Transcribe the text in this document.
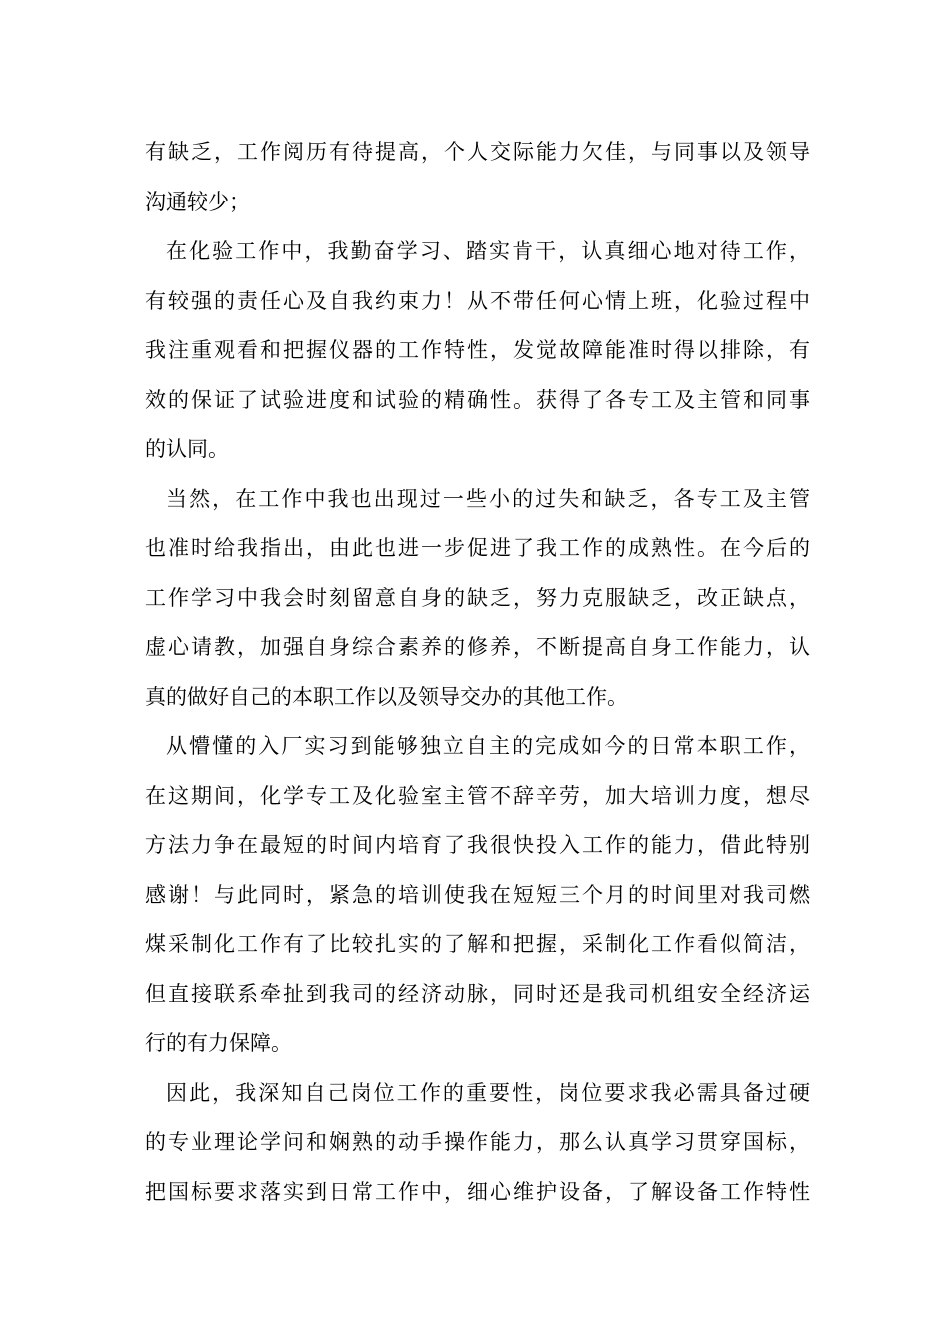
有缺乏，工作阅历有待提高，个人交际能力欠佳，与同事以及领导
沟通较少；
在化验工作中，我勤奋学习、踏实肯干，认真细心地对待工作，
有较强的责任心及自我约束力！从不带任何心情上班，化验过程中
我注重观看和把握仪器的工作特性，发觉故障能准时得以排除，有
效的保证了试验进度和试验的精确性。获得了各专工及主管和同事
的认同。
当然，在工作中我也出现过一些小的过失和缺乏，各专工及主管
也准时给我指出，由此也进一步促进了我工作的成熟性。在今后的
工作学习中我会时刻留意自身的缺乏，努力克服缺乏，改正缺点，
虚心请教，加强自身综合素养的修养，不断提高自身工作能力，认
真的做好自己的本职工作以及领导交办的其他工作。
从懵懂的入厂实习到能够独立自主的完成如今的日常本职工作，
在这期间，化学专工及化验室主管不辞辛劳，加大培训力度，想尽
方法力争在最短的时间内培育了我很快投入工作的能力，借此特别
感谢！与此同时，紧急的培训使我在短短三个月的时间里对我司燃
煤采制化工作有了比较扎实的了解和把握，采制化工作看似简洁，
但直接联系牵扯到我司的经济动脉，同时还是我司机组安全经济运
行的有力保障。
因此，我深知自己岗位工作的重要性，岗位要求我必需具备过硬
的专业理论学问和娴熟的动手操作能力，那么认真学习贯穿国标，
把国标要求落实到日常工作中，细心维护设备，了解设备工作特性
